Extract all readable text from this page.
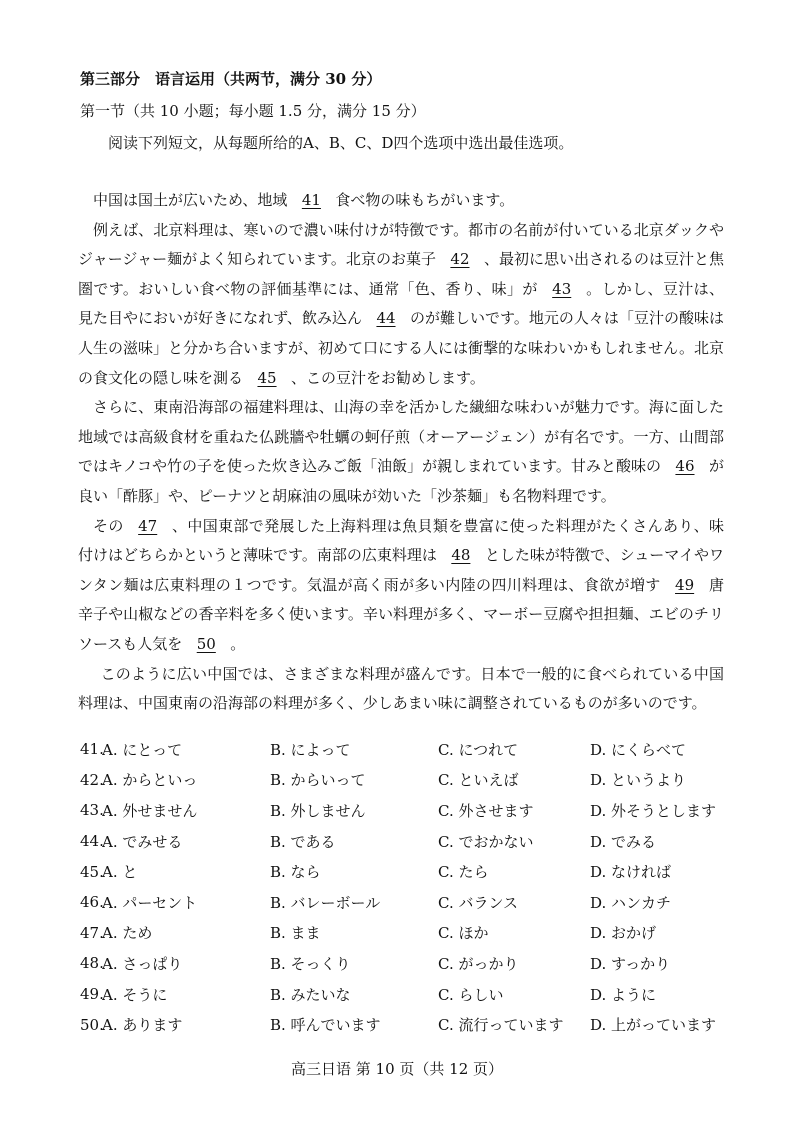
第三部分　语言运用（共两节，满分 30 分）
第一节（共 10 小题；每小题 1.5 分，满分 15 分）
阅读下列短文，从每题所给的A、B、C、D四个选项中选出最佳选项。

中国は国土が広いため、地域 41 食べ物の味もちがいます。

例えば、北京料理は、寒いので濃い味付けが特徴です。都市の名前が付いている北京ダックやジャージャー麺がよく知られています。北京のお菓子 42 、最初に思い出されるのは豆汁と焦圏です。おいしい食べ物の評価基準には、通常「色、香り、味」が 43 。しかし、豆汁は、見た目やにおいが好きになれず、飲み込ん 44 のが難しいです。地元の人々は「豆汁の酸味は人生の滋味」と分かち合いますが、初めて口にする人には衝撃的な味わいかもしれません。北京の食文化の隠し味を測る 45 、この豆汁をお勧めします。

さらに、東南沿海部の福建料理は、山海の幸を活かした繊細な味わいが魅力です。海に面した地域では高級食材を重ねた仏跳牆や牡蠣の蚵仔煎（オーアージェン）が有名です。一方、山間部ではキノコや竹の子を使った炊き込みご飯「油飯」が親しまれています。甘みと酸味の 46 が良い「酢豚」や、ピーナツと胡麻油の風味が効いた「沙茶麺」も名物料理です。

その 47 、中国東部で発展した上海料理は魚貝類を豊富に使った料理がたくさんあり、味付けはどちらかというと薄味です。南部の広東料理は 48 とした味が特徴で、シューマイやワンタン麺は広東料理の１つです。気温が高く雨が多い内陸の四川料理は、食欲が増す 49 唐辛子や山椒などの香辛料を多く使います。辛い料理が多く、マーボー豆腐や担担麺、エビのチリソースも人気を 50 。

このように広い中国では、さまざまな料理が盛んです。日本で一般的に食べられている中国料理は、中国東南の沿海部の料理が多く、少しあまい味に調整されているものが多いのです。

41.
A. にとって	B. によって	C. につれて	D. にくらべて
42.
A. からといっ	B. からいって	C. といえば	D. というより
43.
A. 外せません	B. 外しません	C. 外させます	D. 外そうとします
44.
A. でみせる	B. である	C. でおかない	D. でみる
45.
A. と	B. なら	C. たら	D. なければ
46.
A. パーセント	B. バレーボール	C. バランス	D. ハンカチ
47.
A. ため	B. まま	C. ほか	D. おかげ
48.
A. さっぱり	B. そっくり	C. がっかり	D. すっかり
49.
A. そうに	B. みたいな	C. らしい	D. ように
50.
A. あります	B. 呼んでいます	C. 流行っています	D. 上がっています
高三日语 第 10 页（共 12 页）
